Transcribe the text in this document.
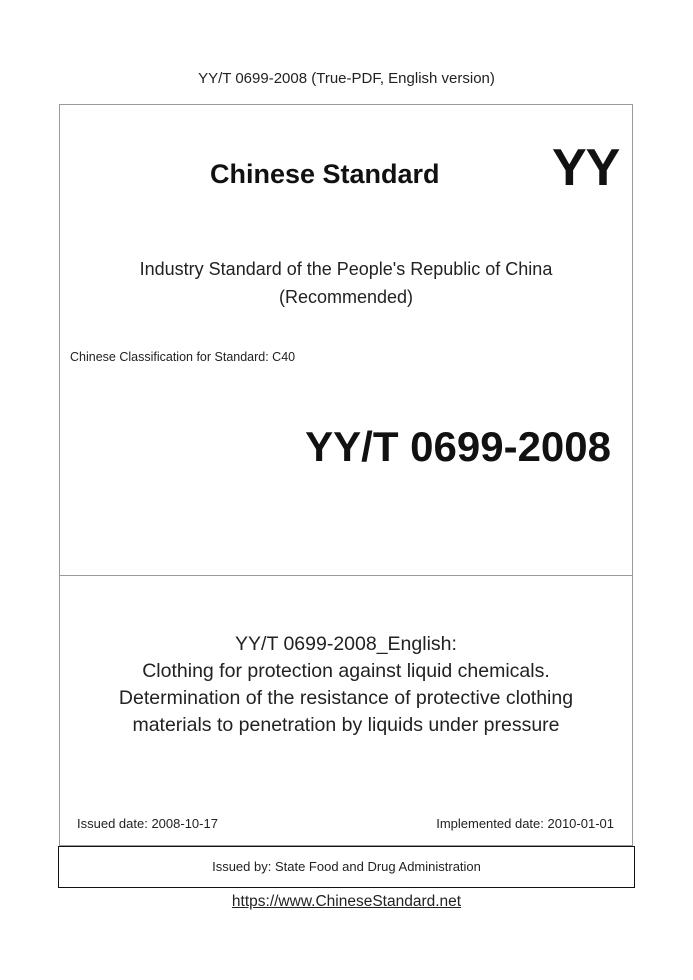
YY/T 0699-2008 (True-PDF, English version)
Chinese Standard YY
Industry Standard of the People's Republic of China
(Recommended)
Chinese Classification for Standard: C40
YY/T 0699-2008
YY/T 0699-2008_English:
Clothing for protection against liquid chemicals.
Determination of the resistance of protective clothing
materials to penetration by liquids under pressure
Issued date: 2008-10-17	Implemented date: 2010-01-01
Issued by: State Food and Drug Administration
https://www.ChineseStandard.net
